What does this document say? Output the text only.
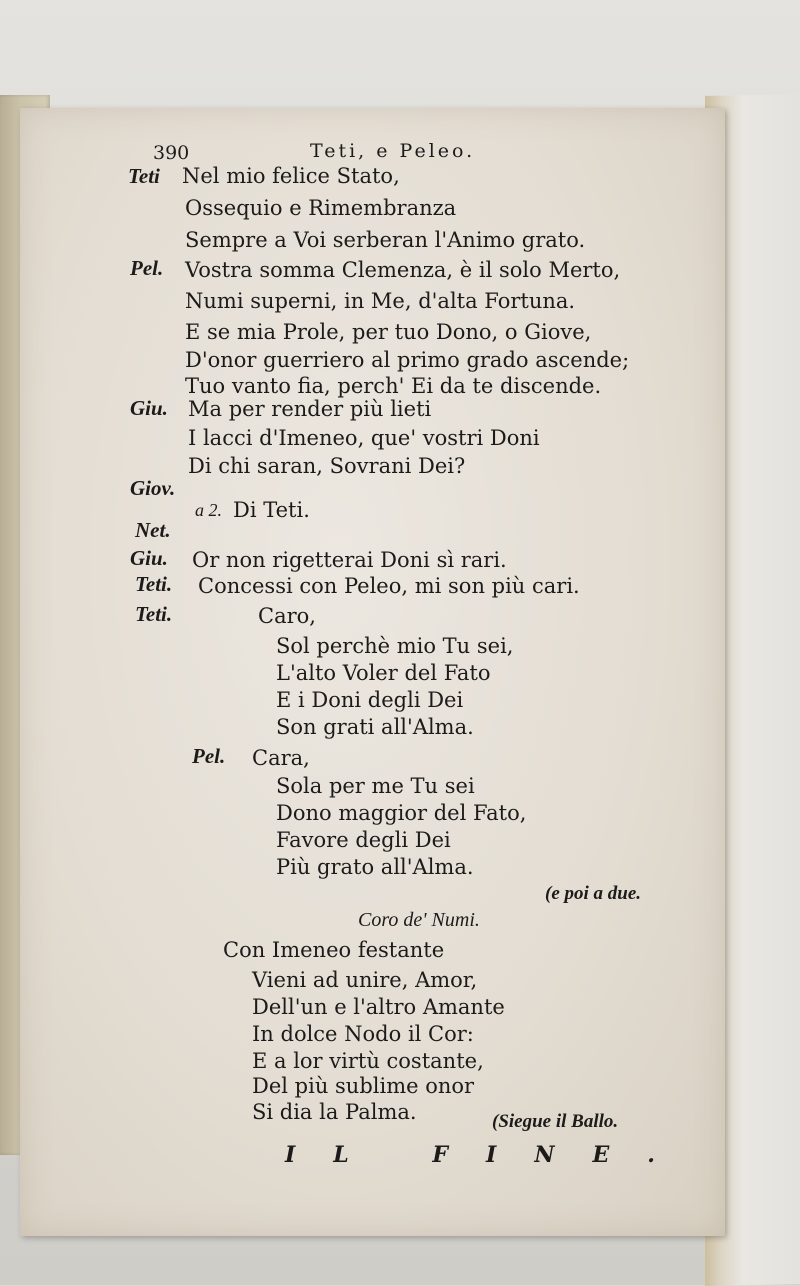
390	Teti, e Peleo.
Teti Nel mio felice Stato,
Ossequio e Rimembranza
Sempre a Voi serberan l'Animo grato.
Pel. Vostra somma Clemenza, è il solo Merto,
Numi superni, in Me, d'alta Fortuna.
E se mia Prole, per tuo Dono, o Giove,
D'onor guerriero al primo grado ascende;
Tuo vanto fia, perch' Ei da te discende.
Giu. Ma per render più lieti
I lacci d'Imeneo, que' vostri Doni
Di chi saran, Sovrani Dei?
Giov.
a 2. Di Teti.
Net.
Giu. Or non rigetterai Doni sì rari.
Teti. Concessi con Peleo, mi son più cari.
Teti.	Caro,
Sol perchè mio Tu sei,
L'alto Voler del Fato
E i Doni degli Dei
Son grati all'Alma.
Pel. Cara,
Sola per me Tu sei
Dono maggior del Fato,
Favore degli Dei
Più grato all'Alma.
(e poi a due.
Coro de' Numi.
Con Imeneo festante
Vieni ad unire, Amor,
Dell'un e l'altro Amante
In dolce Nodo il Cor:
E a lor virtù costante,
Del più sublime onor
Si dia la Palma.	(Siegue il Ballo.
IL FINE.
